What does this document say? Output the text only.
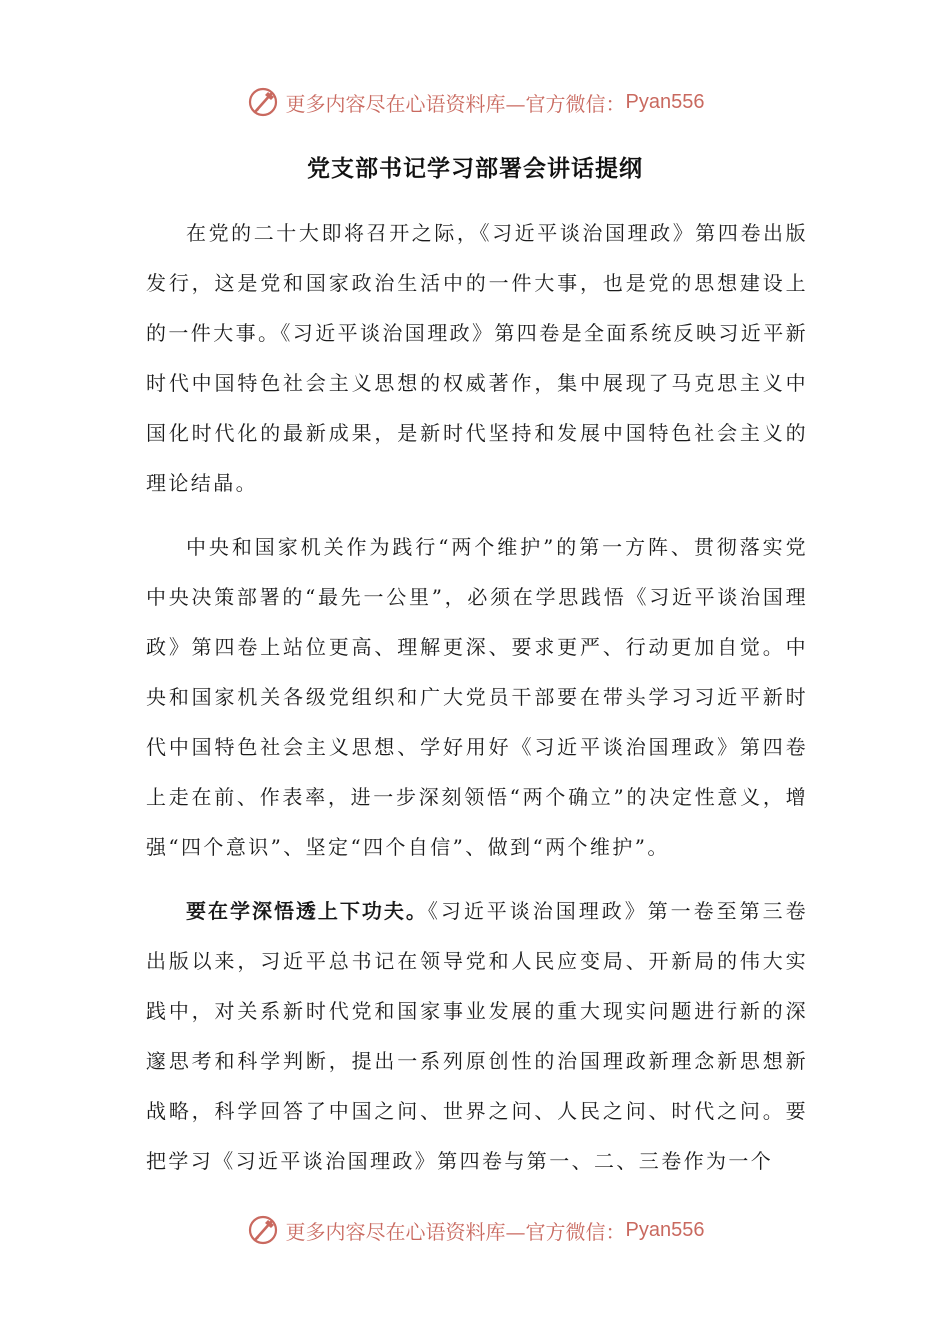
更多内容尽在心语资料库—官方微信： Pyan556
党支部书记学习部署会讲话提纲

在党的二十大即将召开之际，《习近平谈治国理政》第四卷出版发行，这是党和国家政治生活中的一件大事，也是党的思想建设上的一件大事。《习近平谈治国理政》第四卷是全面系统反映习近平新时代中国特色社会主义思想的权威著作，集中展现了马克思主义中国化时代化的最新成果，是新时代坚持和发展中国特色社会主义的理论结晶。

中央和国家机关作为践行“两个维护”的第一方阵、贯彻落实党中央决策部署的“最先一公里”，必须在学思践悟《习近平谈治国理政》第四卷上站位更高、理解更深、要求更严、行动更加自觉。中央和国家机关各级党组织和广大党员干部要在带头学习习近平新时代中国特色社会主义思想、学好用好《习近平谈治国理政》第四卷上走在前、作表率，进一步深刻领悟“两个确立”的决定性意义，增强“四个意识”、坚定“四个自信”、做到“两个维护”。

要在学深悟透上下功夫。《习近平谈治国理政》第一卷至第三卷出版以来，习近平总书记在领导党和人民应变局、开新局的伟大实践中，对关系新时代党和国家事业发展的重大现实问题进行新的深邃思考和科学判断，提出一系列原创性的治国理政新理念新思想新战略，科学回答了中国之问、世界之问、人民之问、时代之问。要把学习《习近平谈治国理政》第四卷与第一、二、三卷作为一个

更多内容尽在心语资料库—官方微信： Pyan556
